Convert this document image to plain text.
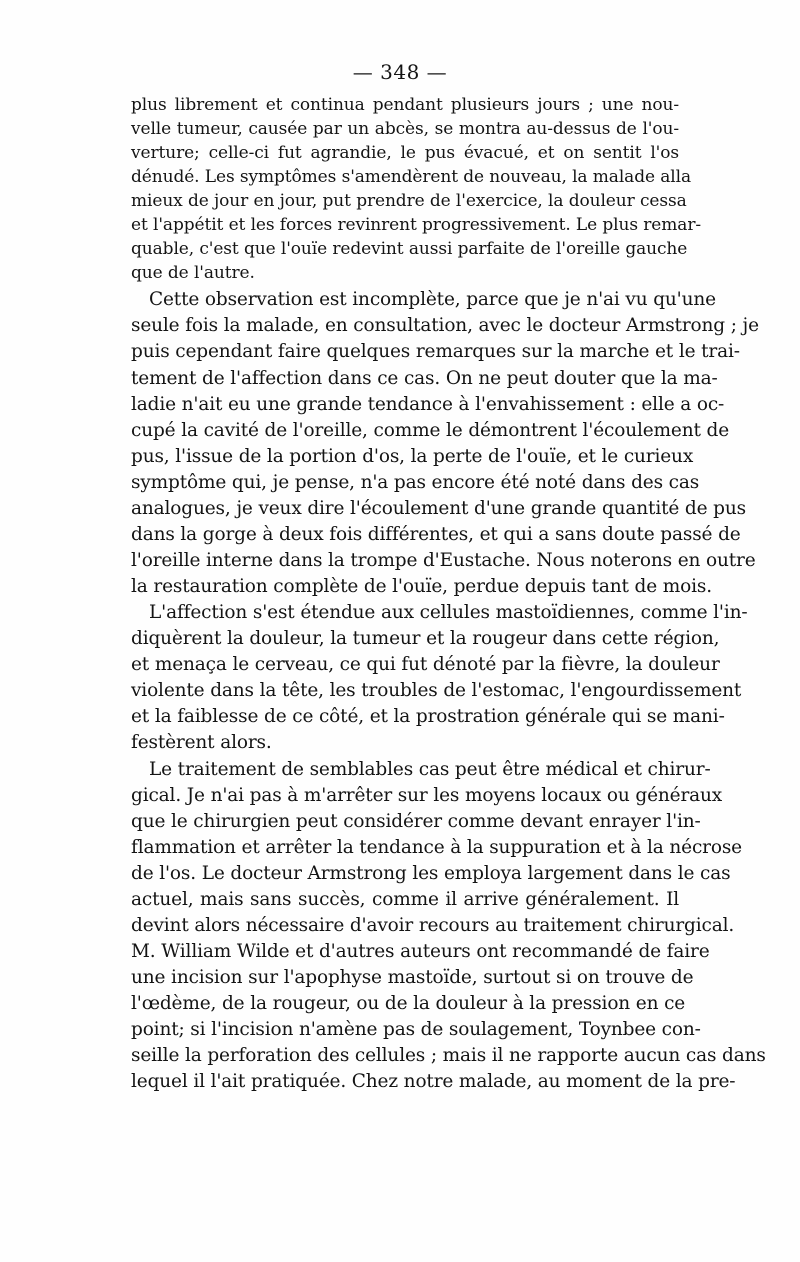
— 348 —
plus librement et continua pendant plusieurs jours ; une nou-
velle tumeur, causée par un abcès, se montra au-dessus de l'ou-
verture; celle-ci fut agrandie, le pus évacué, et on sentit l'os
dénudé. Les symptômes s'amendèrent de nouveau, la malade alla
mieux de jour en jour, put prendre de l'exercice, la douleur cessa
et l'appétit et les forces revinrent progressivement. Le plus remar-
quable, c'est que l'ouïe redevint aussi parfaite de l'oreille gauche
que de l'autre.
Cette observation est incomplète, parce que je n'ai vu qu'une
seule fois la malade, en consultation, avec le docteur Armstrong ; je
puis cependant faire quelques remarques sur la marche et le trai-
tement de l'affection dans ce cas. On ne peut douter que la ma-
ladie n'ait eu une grande tendance à l'envahissement : elle a oc-
cupé la cavité de l'oreille, comme le démontrent l'écoulement de
pus, l'issue de la portion d'os, la perte de l'ouïe, et le curieux
symptôme qui, je pense, n'a pas encore été noté dans des cas
analogues, je veux dire l'écoulement d'une grande quantité de pus
dans la gorge à deux fois différentes, et qui a sans doute passé de
l'oreille interne dans la trompe d'Eustache. Nous noterons en outre
la restauration complète de l'ouïe, perdue depuis tant de mois.
L'affection s'est étendue aux cellules mastoïdiennes, comme l'in-
diquèrent la douleur, la tumeur et la rougeur dans cette région,
et menaça le cerveau, ce qui fut dénoté par la fièvre, la douleur
violente dans la tête, les troubles de l'estomac, l'engourdissement
et la faiblesse de ce côté, et la prostration générale qui se mani-
festèrent alors.
Le traitement de semblables cas peut être médical et chirur-
gical. Je n'ai pas à m'arrêter sur les moyens locaux ou généraux
que le chirurgien peut considérer comme devant enrayer l'in-
flammation et arrêter la tendance à la suppuration et à la nécrose
de l'os. Le docteur Armstrong les employa largement dans le cas
actuel, mais sans succès, comme il arrive généralement. Il
devint alors nécessaire d'avoir recours au traitement chirurgical.
M. William Wilde et d'autres auteurs ont recommandé de faire
une incision sur l'apophyse mastoïde, surtout si on trouve de
l'œdème, de la rougeur, ou de la douleur à la pression en ce
point; si l'incision n'amène pas de soulagement, Toynbee con-
seille la perforation des cellules ; mais il ne rapporte aucun cas dans
lequel il l'ait pratiquée. Chez notre malade, au moment de la pre-
